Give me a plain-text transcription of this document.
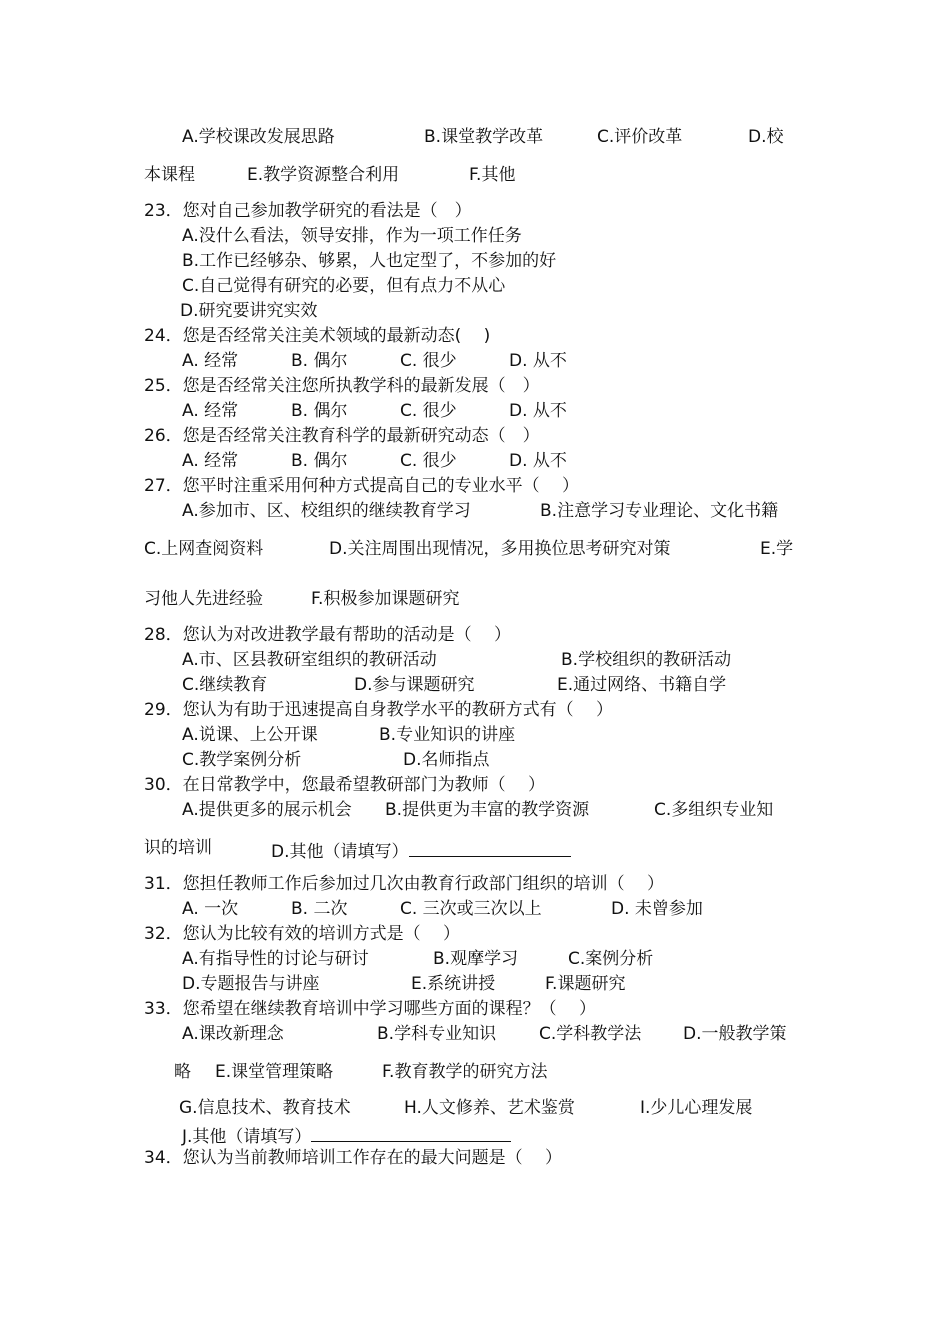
A.学校课改发展思路	B.课堂教学改革	C.评价改革	D.校
本课程	E.教学资源整合利用	F.其他
23．您对自己参加教学研究的看法是（　）
A.没什么看法，领导安排，作为一项工作任务
B.工作已经够杂、够累，人也定型了，不参加的好
C.自己觉得有研究的必要，但有点力不从心
D.研究要讲究实效
24．您是否经常关注美术领域的最新动态(　 )
A. 经常	B. 偶尔	C. 很少	D. 从不
25．您是否经常关注您所执教学科的最新发展（　）
A. 经常	B. 偶尔	C. 很少	D. 从不
26．您是否经常关注教育科学的最新研究动态（　）
A. 经常	B. 偶尔	C. 很少	D. 从不
27．您平时注重采用何种方式提高自己的专业水平（　 ）
A.参加市、区、校组织的继续教育学习	B.注意学习专业理论、文化书籍
C.上网查阅资料	D.关注周围出现情况，多用换位思考研究对策	E.学
习他人先进经验	F.积极参加课题研究
28．您认为对改进教学最有帮助的活动是（　 ）
A.市、区县教研室组织的教研活动	B.学校组织的教研活动
C.继续教育	D.参与课题研究	E.通过网络、书籍自学
29．您认为有助于迅速提高自身教学水平的教研方式有（　 ）
A.说课、上公开课	B.专业知识的讲座
C.教学案例分析	D.名师指点
30．在日常教学中，您最希望教研部门为教师（　 ）
A.提供更多的展示机会 B.提供更为丰富的教学资源	C.多组织专业知
识的培训	D.其他（请填写）
31．您担任教师工作后参加过几次由教育行政部门组织的培训（　 ）
A. 一次	B. 二次	C. 三次或三次以上	D. 未曾参加
32．您认为比较有效的培训方式是（　 ）
A.有指导性的讨论与研讨	B.观摩学习	C.案例分析
D.专题报告与讲座	E.系统讲授	F.课题研究
33．您希望在继续教育培训中学习哪些方面的课程？（　 ）
A.课改新理念	B.学科专业知识	C.学科教学法 D.一般教学策
略 E.课堂管理策略	F.教育教学的研究方法
G.信息技术、教育技术	H.人文修养、艺术鉴赏	I.少儿心理发展
J.其他（请填写）
34．您认为当前教师培训工作存在的最大问题是（　 ）
